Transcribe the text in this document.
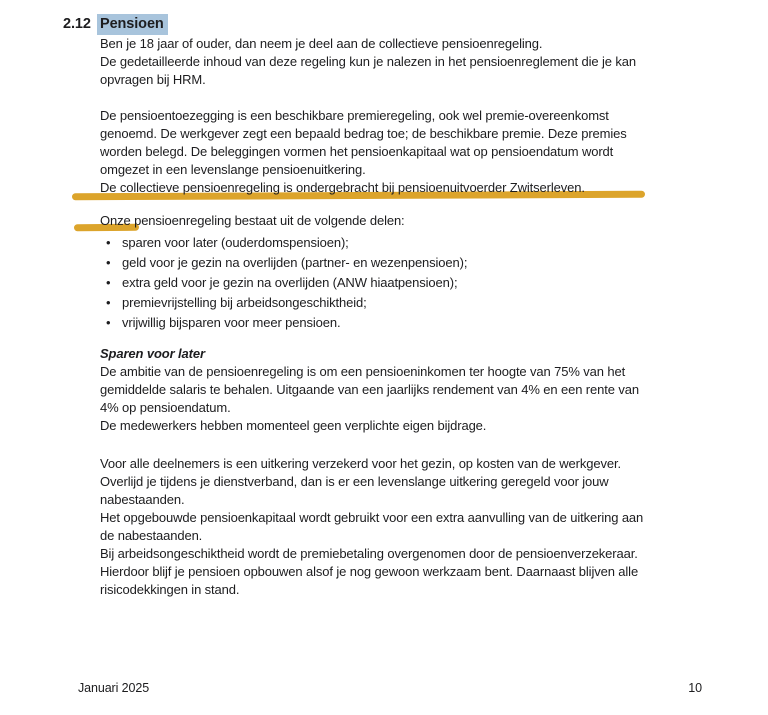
2.12 Pensioen
Ben je 18 jaar of ouder, dan neem je deel aan de collectieve pensioenregeling.
De gedetailleerde inhoud van deze regeling kun je nalezen in het pensioenreglement die je kan
opvragen bij HRM.
De pensioentoezegging is een beschikbare premieregeling, ook wel premie-overeenkomst
genoemd. De werkgever zegt een bepaald bedrag toe; de beschikbare premie. Deze premies
worden belegd. De beleggingen vormen het pensioenkapitaal wat op pensioendatum wordt
omgezet in een levenslange pensioenuitkering.
De collectieve pensioenregeling is ondergebracht bij pensioenuitvoerder Zwitserleven.
Onze pensioenregeling bestaat uit de volgende delen:
• sparen voor later (ouderdomspensioen);
• geld voor je gezin na overlijden (partner- en wezenpensioen);
• extra geld voor je gezin na overlijden (ANW hiaatpensioen);
• premievrijstelling bij arbeidsongeschiktheid;
• vrijwillig bijsparen voor meer pensioen.
Sparen voor later
De ambitie van de pensioenregeling is om een pensioeninkomen ter hoogte van 75% van het
gemiddelde salaris te behalen. Uitgaande van een jaarlijks rendement van 4% en een rente van
4% op pensioendatum.
De medewerkers hebben momenteel geen verplichte eigen bijdrage.
Voor alle deelnemers is een uitkering verzekerd voor het gezin, op kosten van de werkgever.
Overlijd je tijdens je dienstverband, dan is er een levenslange uitkering geregeld voor jouw
nabestaanden.
Het opgebouwde pensioenkapitaal wordt gebruikt voor een extra aanvulling van de uitkering aan
de nabestaanden.
Bij arbeidsongeschiktheid wordt de premiebetaling overgenomen door de pensioenverzekeraar.
Hierdoor blijf je pensioen opbouwen alsof je nog gewoon werkzaam bent. Daarnaast blijven alle
risicodekkingen in stand.
Januari 2025	10
